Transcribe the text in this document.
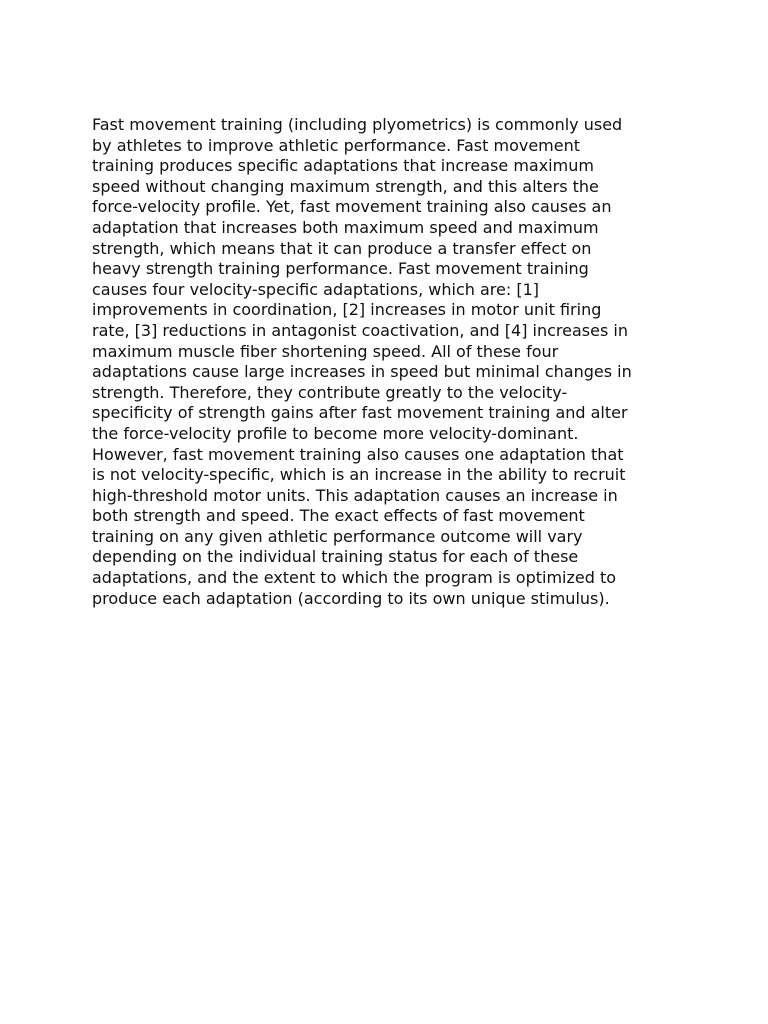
Fast movement training (including plyometrics) is commonly used
by athletes to improve athletic performance. Fast movement
training produces specific adaptations that increase maximum
speed without changing maximum strength, and this alters the
force-velocity profile. Yet, fast movement training also causes an
adaptation that increases both maximum speed and maximum
strength, which means that it can produce a transfer effect on
heavy strength training performance. Fast movement training
causes four velocity-specific adaptations, which are: [1]
improvements in coordination, [2] increases in motor unit firing
rate, [3] reductions in antagonist coactivation, and [4] increases in
maximum muscle fiber shortening speed. All of these four
adaptations cause large increases in speed but minimal changes in
strength. Therefore, they contribute greatly to the velocity-
specificity of strength gains after fast movement training and alter
the force-velocity profile to become more velocity-dominant.
However, fast movement training also causes one adaptation that
is not velocity-specific, which is an increase in the ability to recruit
high-threshold motor units. This adaptation causes an increase in
both strength and speed. The exact effects of fast movement
training on any given athletic performance outcome will vary
depending on the individual training status for each of these
adaptations, and the extent to which the program is optimized to
produce each adaptation (according to its own unique stimulus).
